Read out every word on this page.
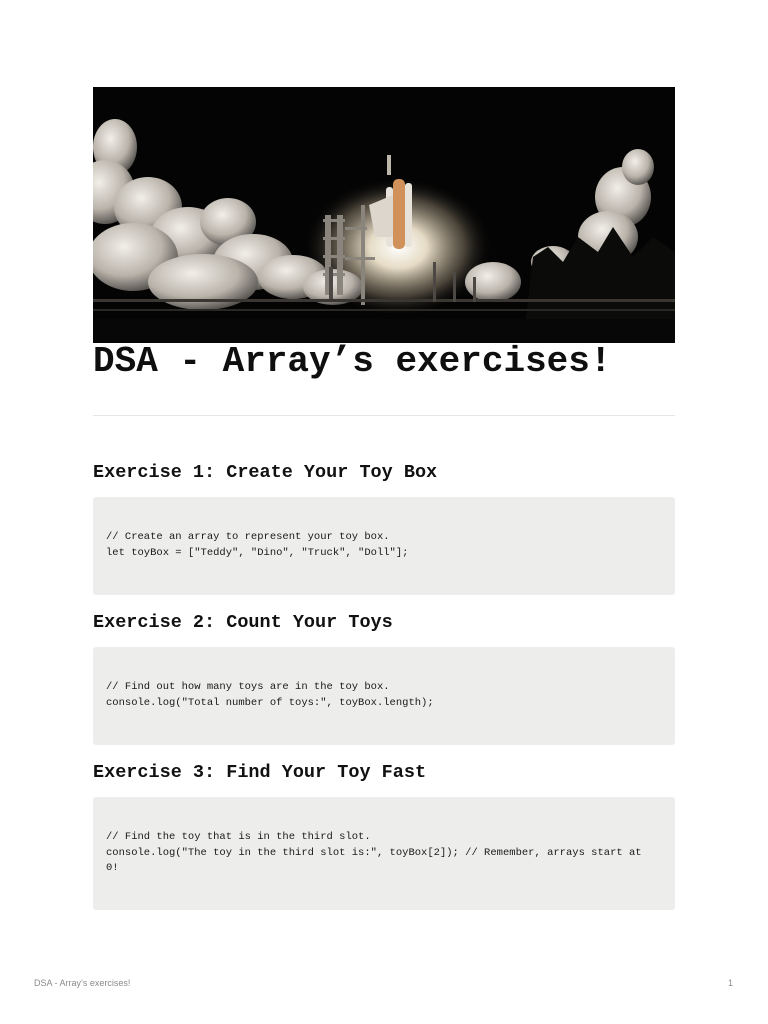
DSA - Array’s exercises!
Exercise 1: Create Your Toy Box
// Create an array to represent your toy box.
let toyBox = ["Teddy", "Dino", "Truck", "Doll"];
Exercise 2: Count Your Toys
// Find out how many toys are in the toy box.
console.log("Total number of toys:", toyBox.length);
Exercise 3: Find Your Toy Fast
// Find the toy that is in the third slot.
console.log("The toy in the third slot is:", toyBox[2]); // Remember, arrays start at
0!
DSA - Array’s exercises!	1
